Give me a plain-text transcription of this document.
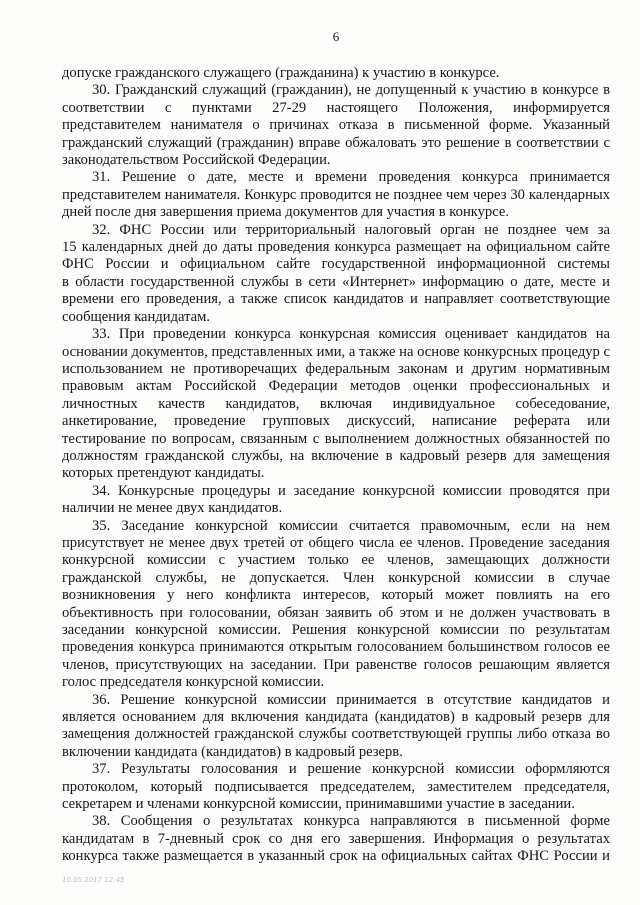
6
допуске гражданского служащего (гражданина) к участию в конкурсе.
30. Гражданский служащий (гражданин), не допущенный к участию в конкурсе в
соответствии с пунктами 27-29 настоящего Положения, информируется
представителем нанимателя о причинах отказа в письменной форме. Указанный
гражданский служащий (гражданин) вправе обжаловать это решение в соответствии с
законодательством Российской Федерации.
31. Решение о дате, месте и времени проведения конкурса принимается
представителем нанимателя. Конкурс проводится не позднее чем через 30 календарных
дней после дня завершения приема документов для участия в конкурсе.
32. ФНС России или территориальный налоговый орган не позднее чем за
15 календарных дней до даты проведения конкурса размещает на официальном сайте
ФНС России и официальном сайте государственной информационной системы
в области государственной службы в сети «Интернет» информацию о дате, месте и
времени его проведения, а также список кандидатов и направляет соответствующие
сообщения кандидатам.
33. При проведении конкурса конкурсная комиссия оценивает кандидатов на
основании документов, представленных ими, а также на основе конкурсных процедур с
использованием не противоречащих федеральным законам и другим нормативным
правовым актам Российской Федерации методов оценки профессиональных и
личностных качеств кандидатов, включая индивидуальное собеседование,
анкетирование, проведение групповых дискуссий, написание реферата или
тестирование по вопросам, связанным с выполнением должностных обязанностей по
должностям гражданской службы, на включение в кадровый резерв для замещения
которых претендуют кандидаты.
34. Конкурсные процедуры и заседание конкурсной комиссии проводятся при
наличии не менее двух кандидатов.
35. Заседание конкурсной комиссии считается правомочным, если на нем
присутствует не менее двух третей от общего числа ее членов. Проведение заседания
конкурсной комиссии с участием только ее членов, замещающих должности
гражданской службы, не допускается. Член конкурсной комиссии в случае
возникновения у него конфликта интересов, который может повлиять на его
объективность при голосовании, обязан заявить об этом и не должен участвовать в
заседании конкурсной комиссии. Решения конкурсной комиссии по результатам
проведения конкурса принимаются открытым голосованием большинством голосов ее
членов, присутствующих на заседании. При равенстве голосов решающим является
голос председателя конкурсной комиссии.
36. Решение конкурсной комиссии принимается в отсутствие кандидатов и
является основанием для включения кандидата (кандидатов) в кадровый резерв для
замещения должностей гражданской службы соответствующей группы либо отказа во
включении кандидата (кандидатов) в кадровый резерв.
37. Результаты голосования и решение конкурсной комиссии оформляются
протоколом, который подписывается председателем, заместителем председателя,
секретарем и членами конкурсной комиссии, принимавшими участие в заседании.
38. Сообщения о результатах конкурса направляются в письменной форме
кандидатам в 7-дневный срок со дня его завершения. Информация о результатах
конкурса также размещается в указанный срок на официальных сайтах ФНС России и
10.05.2017 12:45
